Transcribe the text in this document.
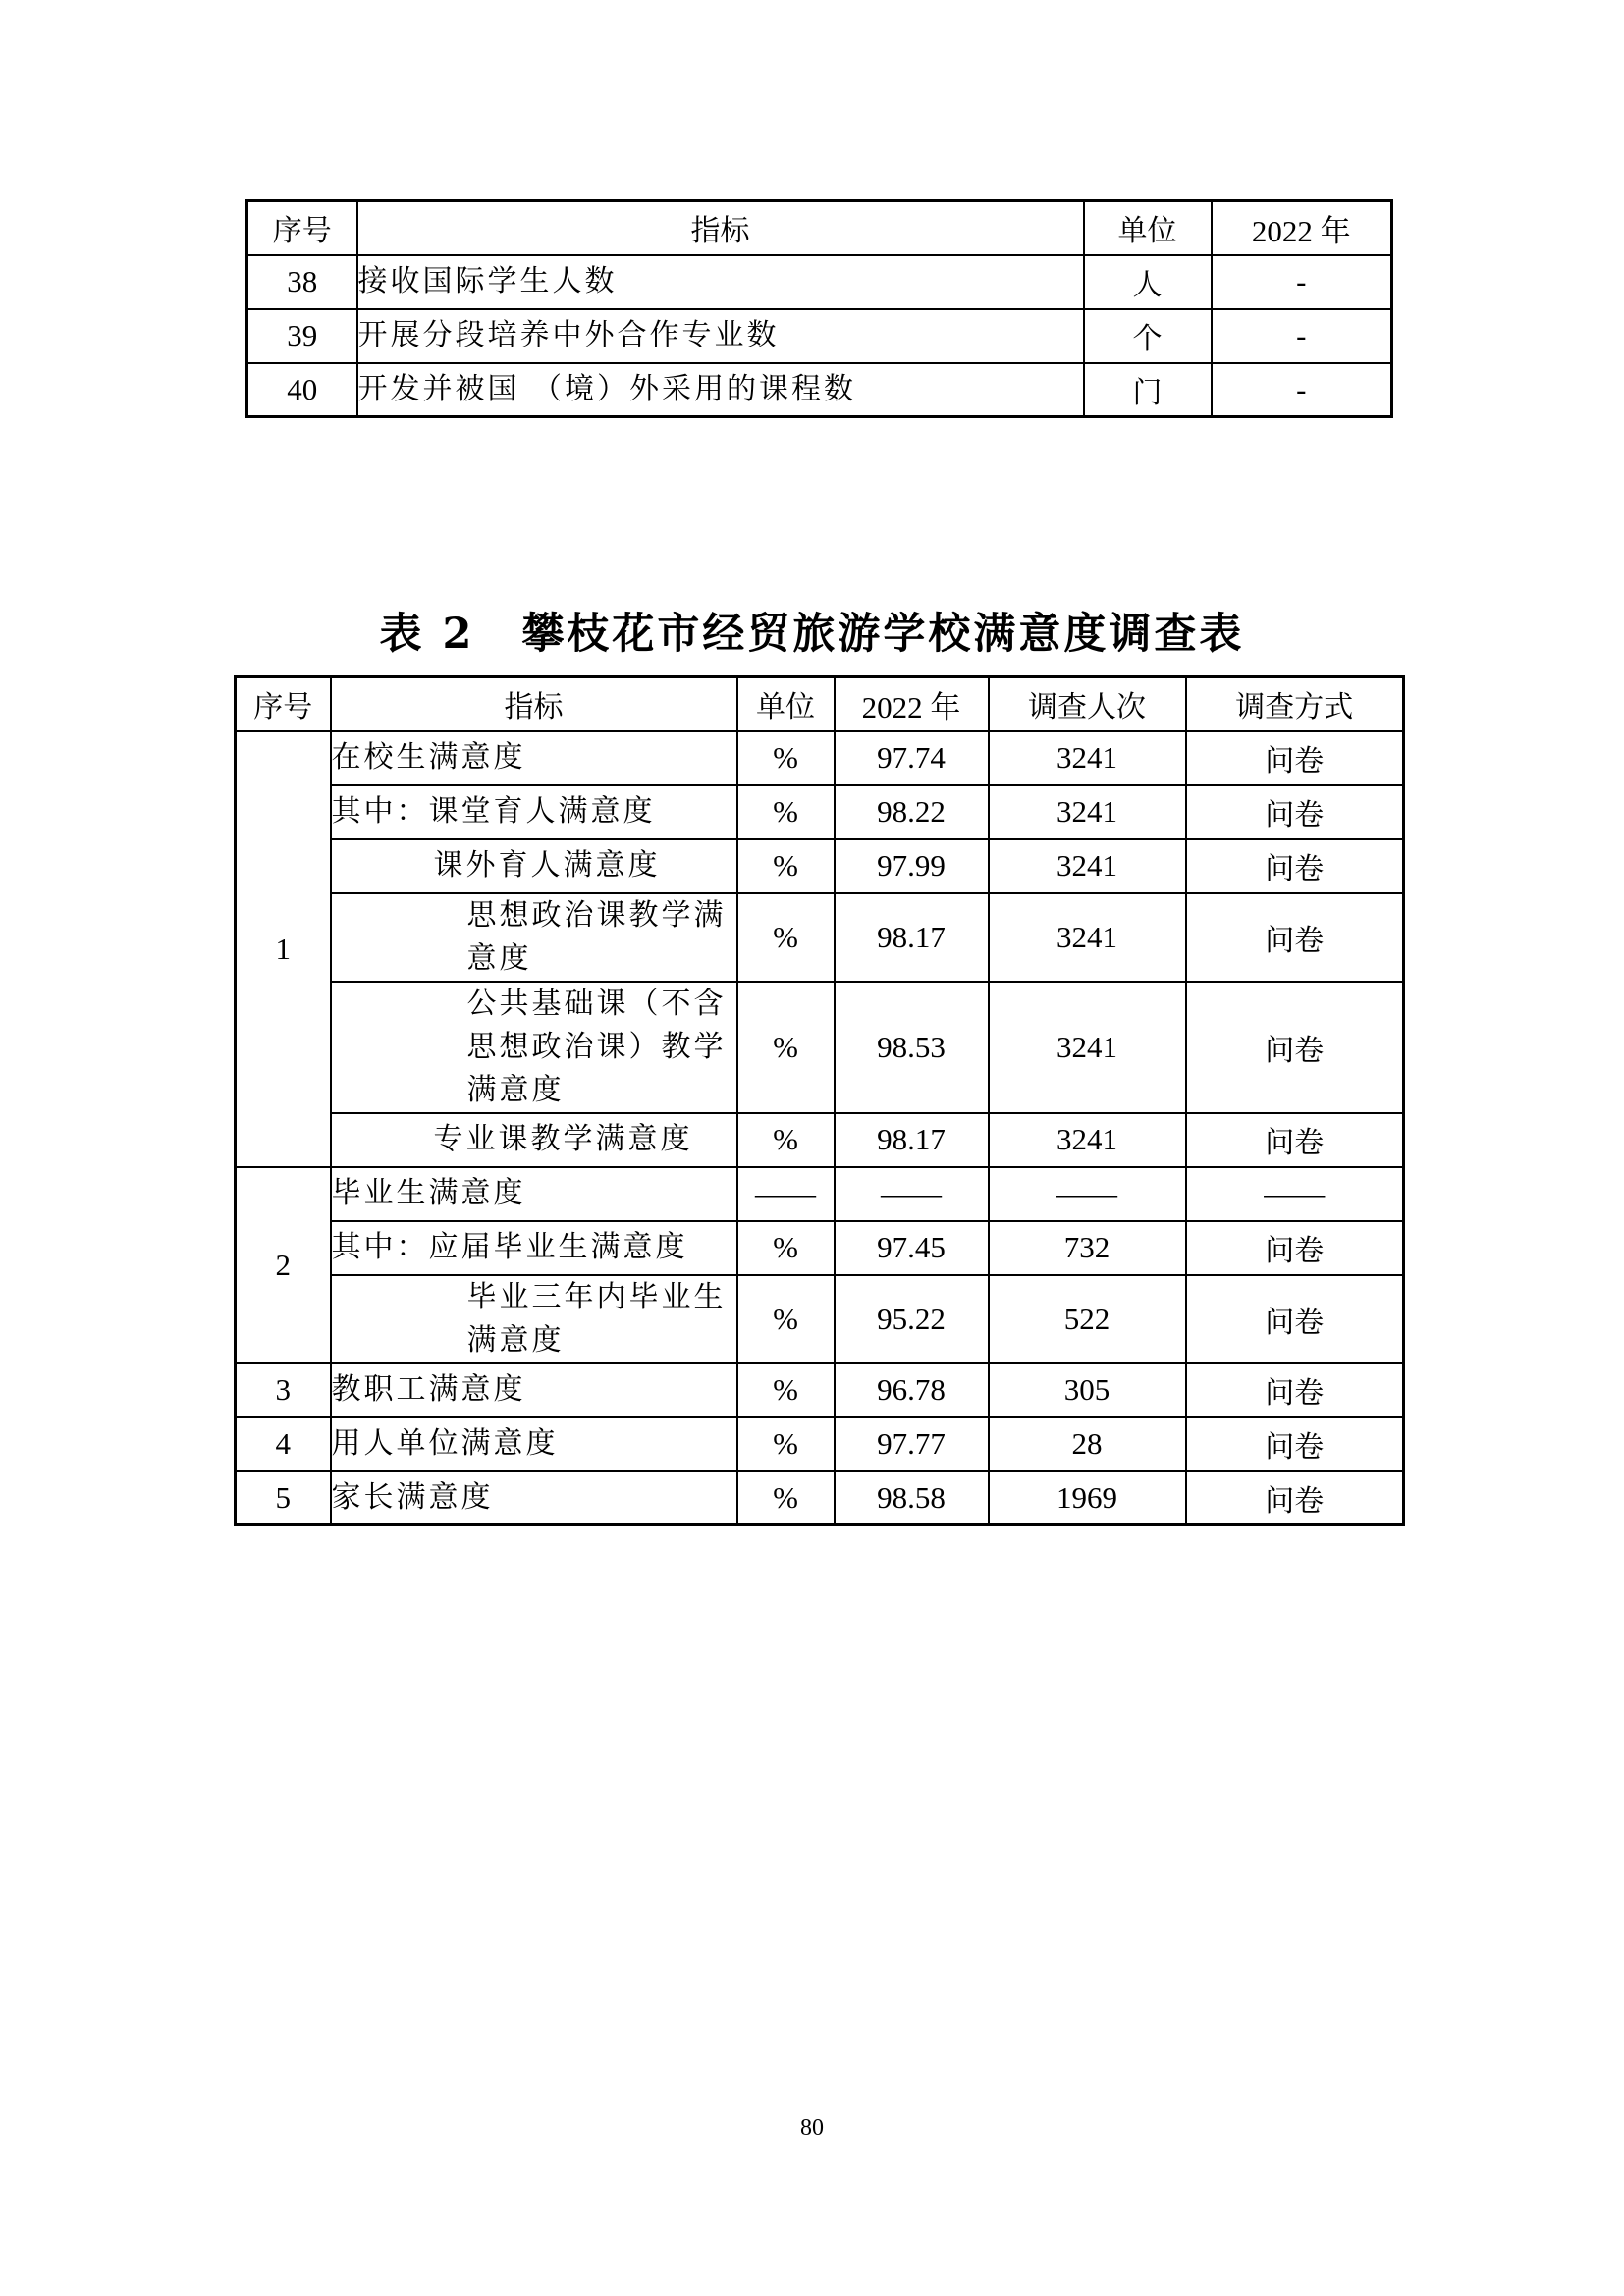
序号	指标	单位	2022 年
38	接收国际学生人数	人	-
39	开展分段培养中外合作专业数	个	-
40	开发并被国 （境）外采用的课程数	门	-
表 2 攀枝花市经贸旅游学校满意度调查表
序号	指标	单位	2022 年	调查人次	调查方式
1	在校生满意度	%	97.74	3241	问卷
	其中：课堂育人满意度	%	98.22	3241	问卷
	课外育人满意度	%	97.99	3241	问卷
	思想政治课教学满意度	%	98.17	3241	问卷
	公共基础课（不含思想政治课）教学满意度	%	98.53	3241	问卷
	专业课教学满意度	%	98.17	3241	问卷
2	毕业生满意度	——	——	——	——
	其中：应届毕业生满意度	%	97.45	732	问卷
	毕业三年内毕业生满意度	%	95.22	522	问卷
3	教职工满意度	%	96.78	305	问卷
4	用人单位满意度	%	97.77	28	问卷
5	家长满意度	%	98.58	1969	问卷
80
